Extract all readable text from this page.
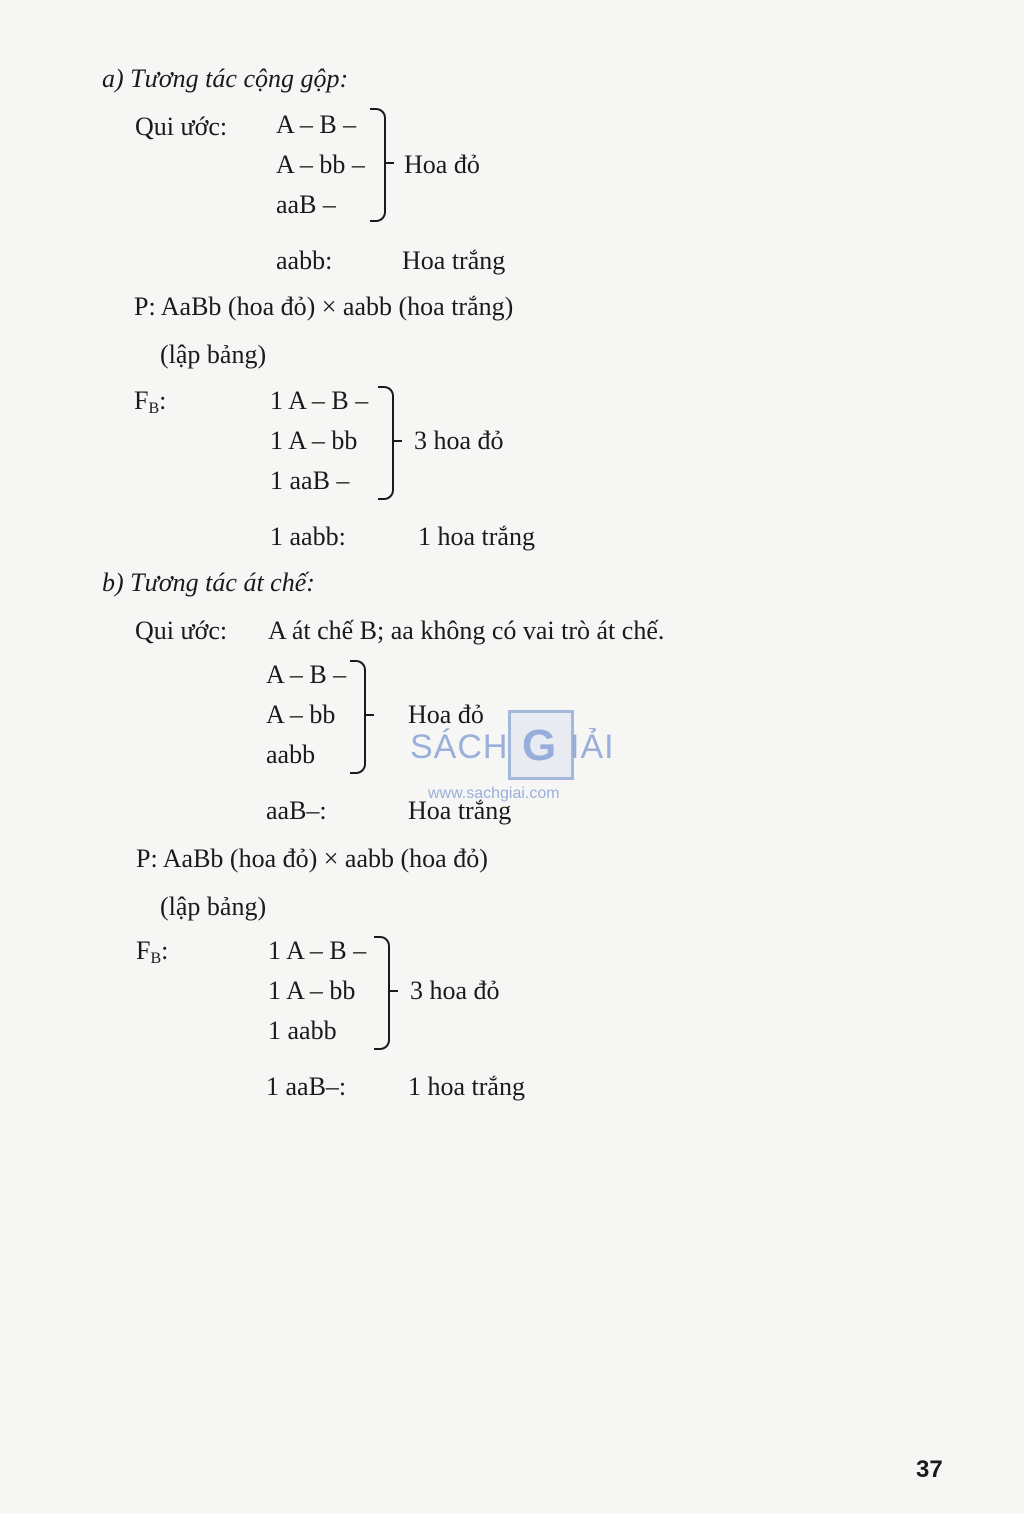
a) Tương tác cộng gộp:
Qui ước: A – B –
A – bb –
aaB –
Hoa đỏ
aabb:	Hoa trắng
P: AaBb (hoa đỏ) × aabb (hoa trắng)
(lập bảng)
FB:	1 A – B –
1 A – bb
1 aaB –
3 hoa đỏ
1 aabb:	1 hoa trắng
b) Tương tác át chế:
Qui ước: A át chế B; aa không có vai trò át chế.
A – B –
A – bb
aabb
Hoa đỏ
aaB–:	Hoa trắng
P: AaBb (hoa đỏ) × aabb (hoa đỏ)
(lập bảng)
FB:	1 A – B –
1 A – bb
1 aabb
3 hoa đỏ
1 aaB–: 1 hoa trắng
SÁCH G IẢI
www.sachgiai.com
37
